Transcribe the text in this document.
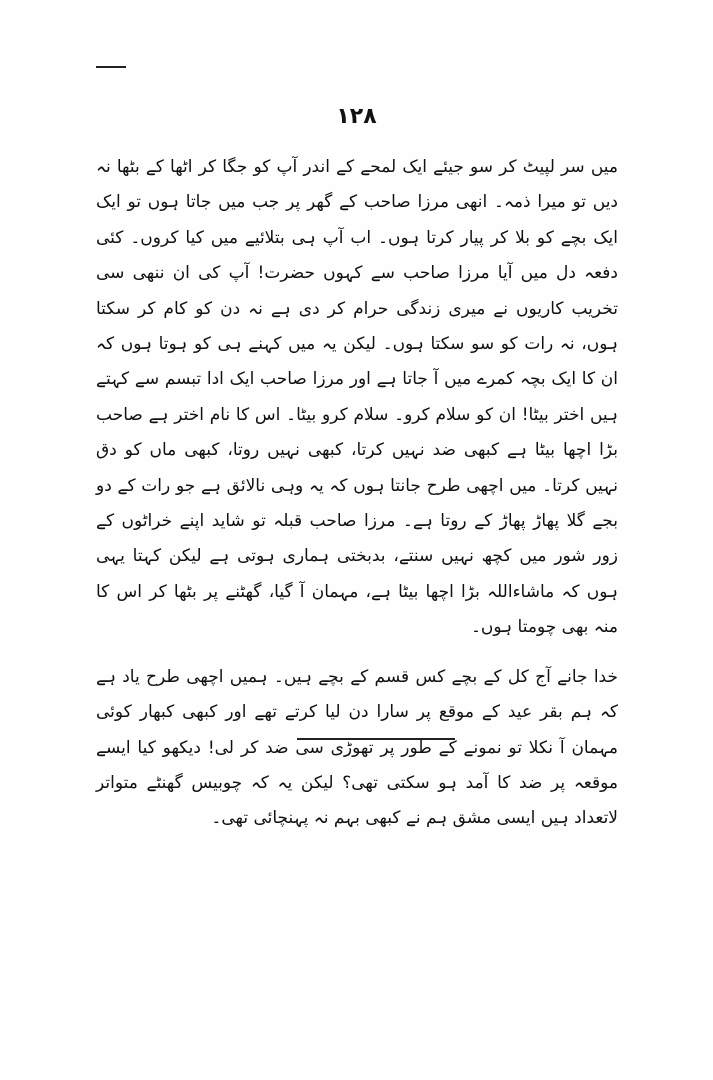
۱۲۸

میں سر لپیٹ کر سو جیئے ایک لمحے کے اندر آپ کو جگا کر اٹھا کے بٹھا نہ دیں تو میرا ذمہ۔ انھی مرزا صاحب کے گھر پر جب میں جاتا ہوں تو ایک ایک بچے کو بلا کر پیار کرتا ہوں۔ اب آپ ہی بتلائیے میں کیا کروں۔ کئی دفعہ دل میں آیا مرزا صاحب سے کہوں حضرت! آپ کی ان ننھی سی تخریب کاریوں نے میری زندگی حرام کر دی ہے نہ دن کو کام کر سکتا ہوں، نہ رات کو سو سکتا ہوں۔ لیکن یہ میں کہنے ہی کو ہوتا ہوں کہ ان کا ایک بچہ کمرے میں آ جاتا ہے اور مرزا صاحب ایک ادا تبسم سے کہتے ہیں اختر بیٹا! ان کو سلام کرو۔ سلام کرو بیٹا۔ اس کا نام اختر ہے صاحب بڑا اچھا بیٹا ہے کبھی ضد نہیں کرتا، کبھی نہیں روتا، کبھی ماں کو دق نہیں کرتا۔ میں اچھی طرح جانتا ہوں کہ یہ وہی نالائق ہے جو رات کے دو بجے گلا پھاڑ پھاڑ کے روتا ہے۔ مرزا صاحب قبلہ تو شاید اپنے خراٹوں کے زور شور میں کچھ نہیں سنتے، بدبختی ہماری ہوتی ہے لیکن کہتا یہی ہوں کہ ماشاءاللہ بڑا اچھا بیٹا ہے، مہمان آ گیا، گھٹنے پر بٹھا کر اس کا منہ بھی چومتا ہوں۔

خدا جانے آج کل کے بچے کس قسم کے بچے ہیں۔ ہمیں اچھی طرح یاد ہے کہ ہم بقر عید کے موقع پر سارا دن لیا کرتے تھے اور کبھی کبھار کوئی مہمان آ نکلا تو نمونے کے طور پر تھوڑی سی ضد کر لی! دیکھو کیا ایسے موقعہ پر ضد کا آمد ہو سکتی تھی؟ لیکن یہ کہ چوبیس گھنٹے متواتر لاتعداد ہیں ایسی مشق ہم نے کبھی بہم نہ پہنچائی تھی۔
